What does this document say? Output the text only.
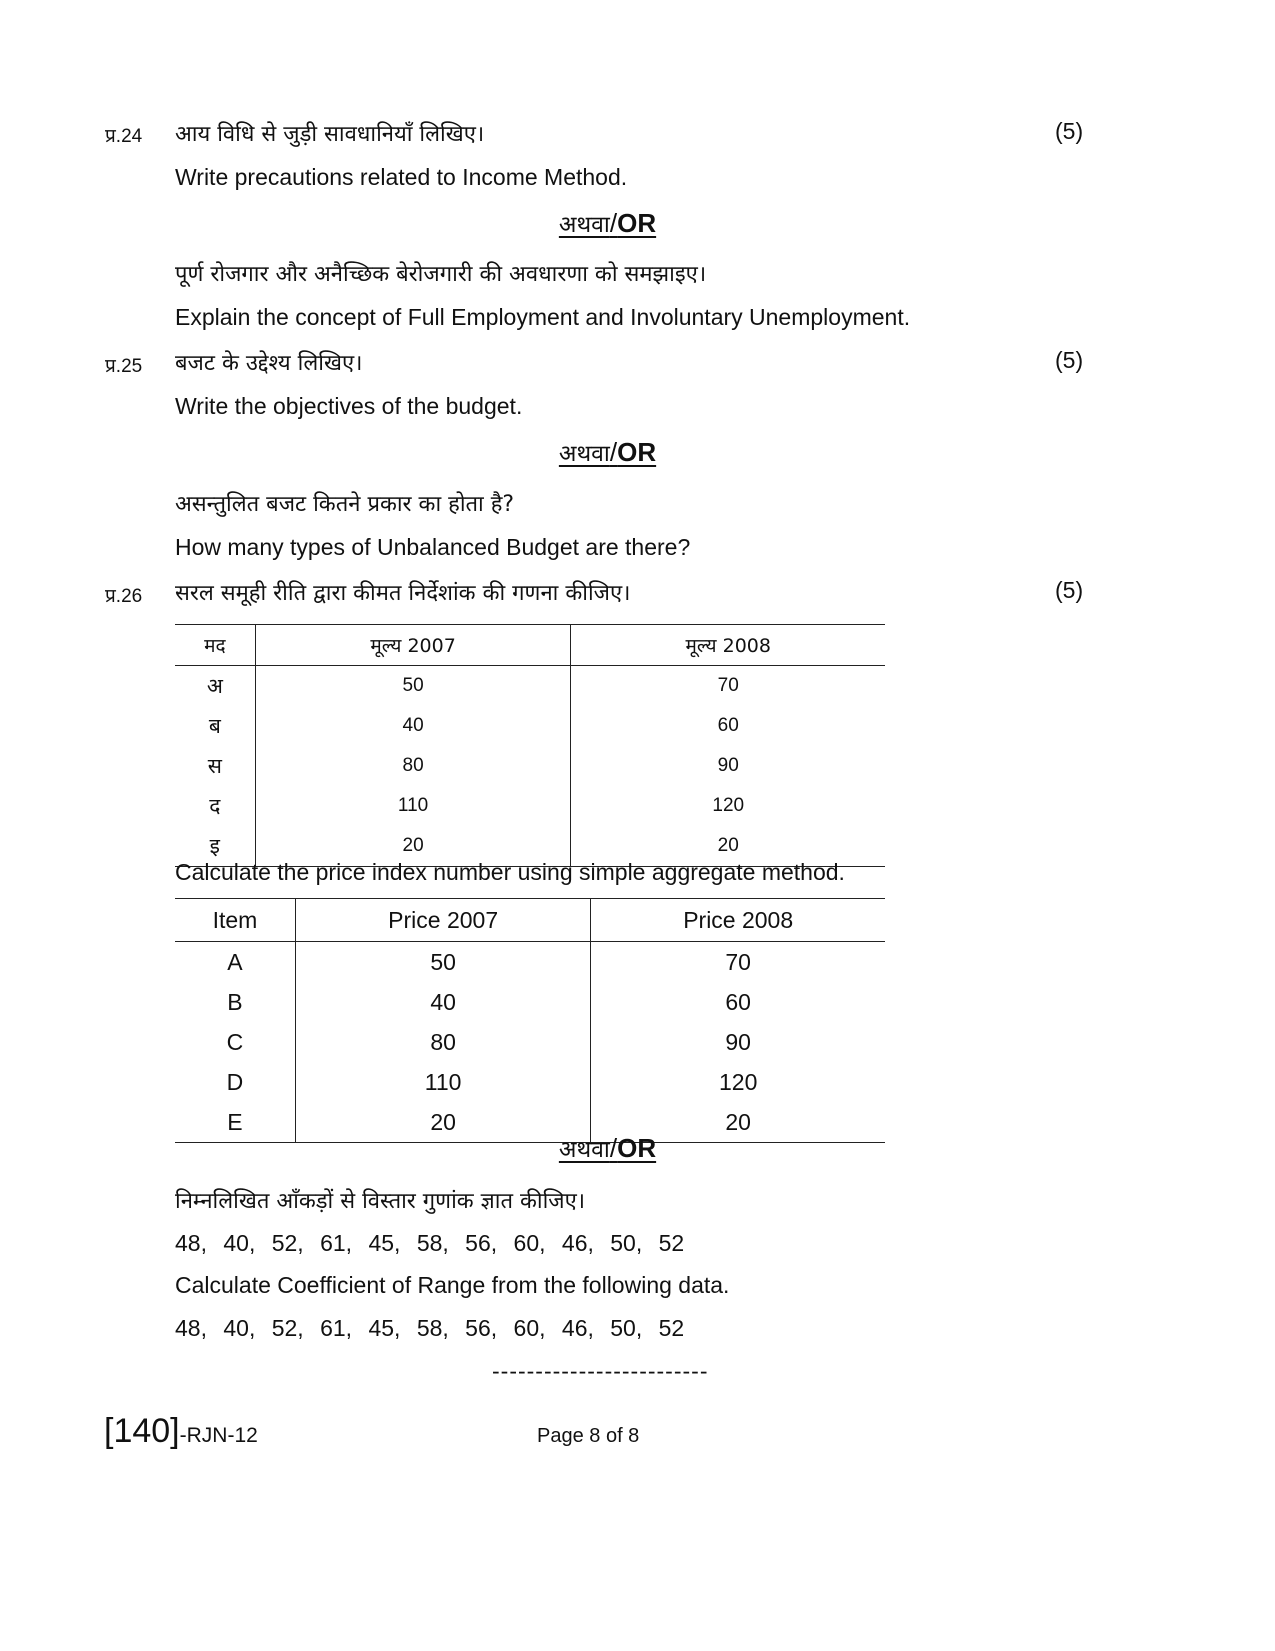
प्र.24 आय विधि से जुड़ी सावधानियाँ लिखिए।	(5)
Write precautions related to Income Method.
अथवा/OR
पूर्ण रोजगार और अनैच्छिक बेरोजगारी की अवधारणा को समझाइए।
Explain the concept of Full Employment and Involuntary Unemployment.
प्र.25 बजट के उद्देश्य लिखिए।	(5)
Write the objectives of the budget.
अथवा/OR
असन्तुलित बजट कितने प्रकार का होता है?
How many types of Unbalanced Budget are there?
प्र.26 सरल समूही रीति द्वारा कीमत निर्देशांक की गणना कीजिए।	(5)
मद	मूल्य 2007	मूल्य 2008
अ	50	70
ब	40	60
स	80	90
द	110	120
इ	20	20
Calculate the price index number using simple aggregate method.
Item	Price 2007	Price 2008
A	50	70
B	40	60
C	80	90
D	110	120
E	20	20
अथवा/OR
निम्नलिखित आँकड़ों से विस्तार गुणांक ज्ञात कीजिए।
48, 40, 52, 61, 45, 58, 56, 60, 46, 50, 52
Calculate Coefficient of Range from the following data.
48, 40, 52, 61, 45, 58, 56, 60, 46, 50, 52
-------------------------
[140]-RJN-12	Page 8 of 8
